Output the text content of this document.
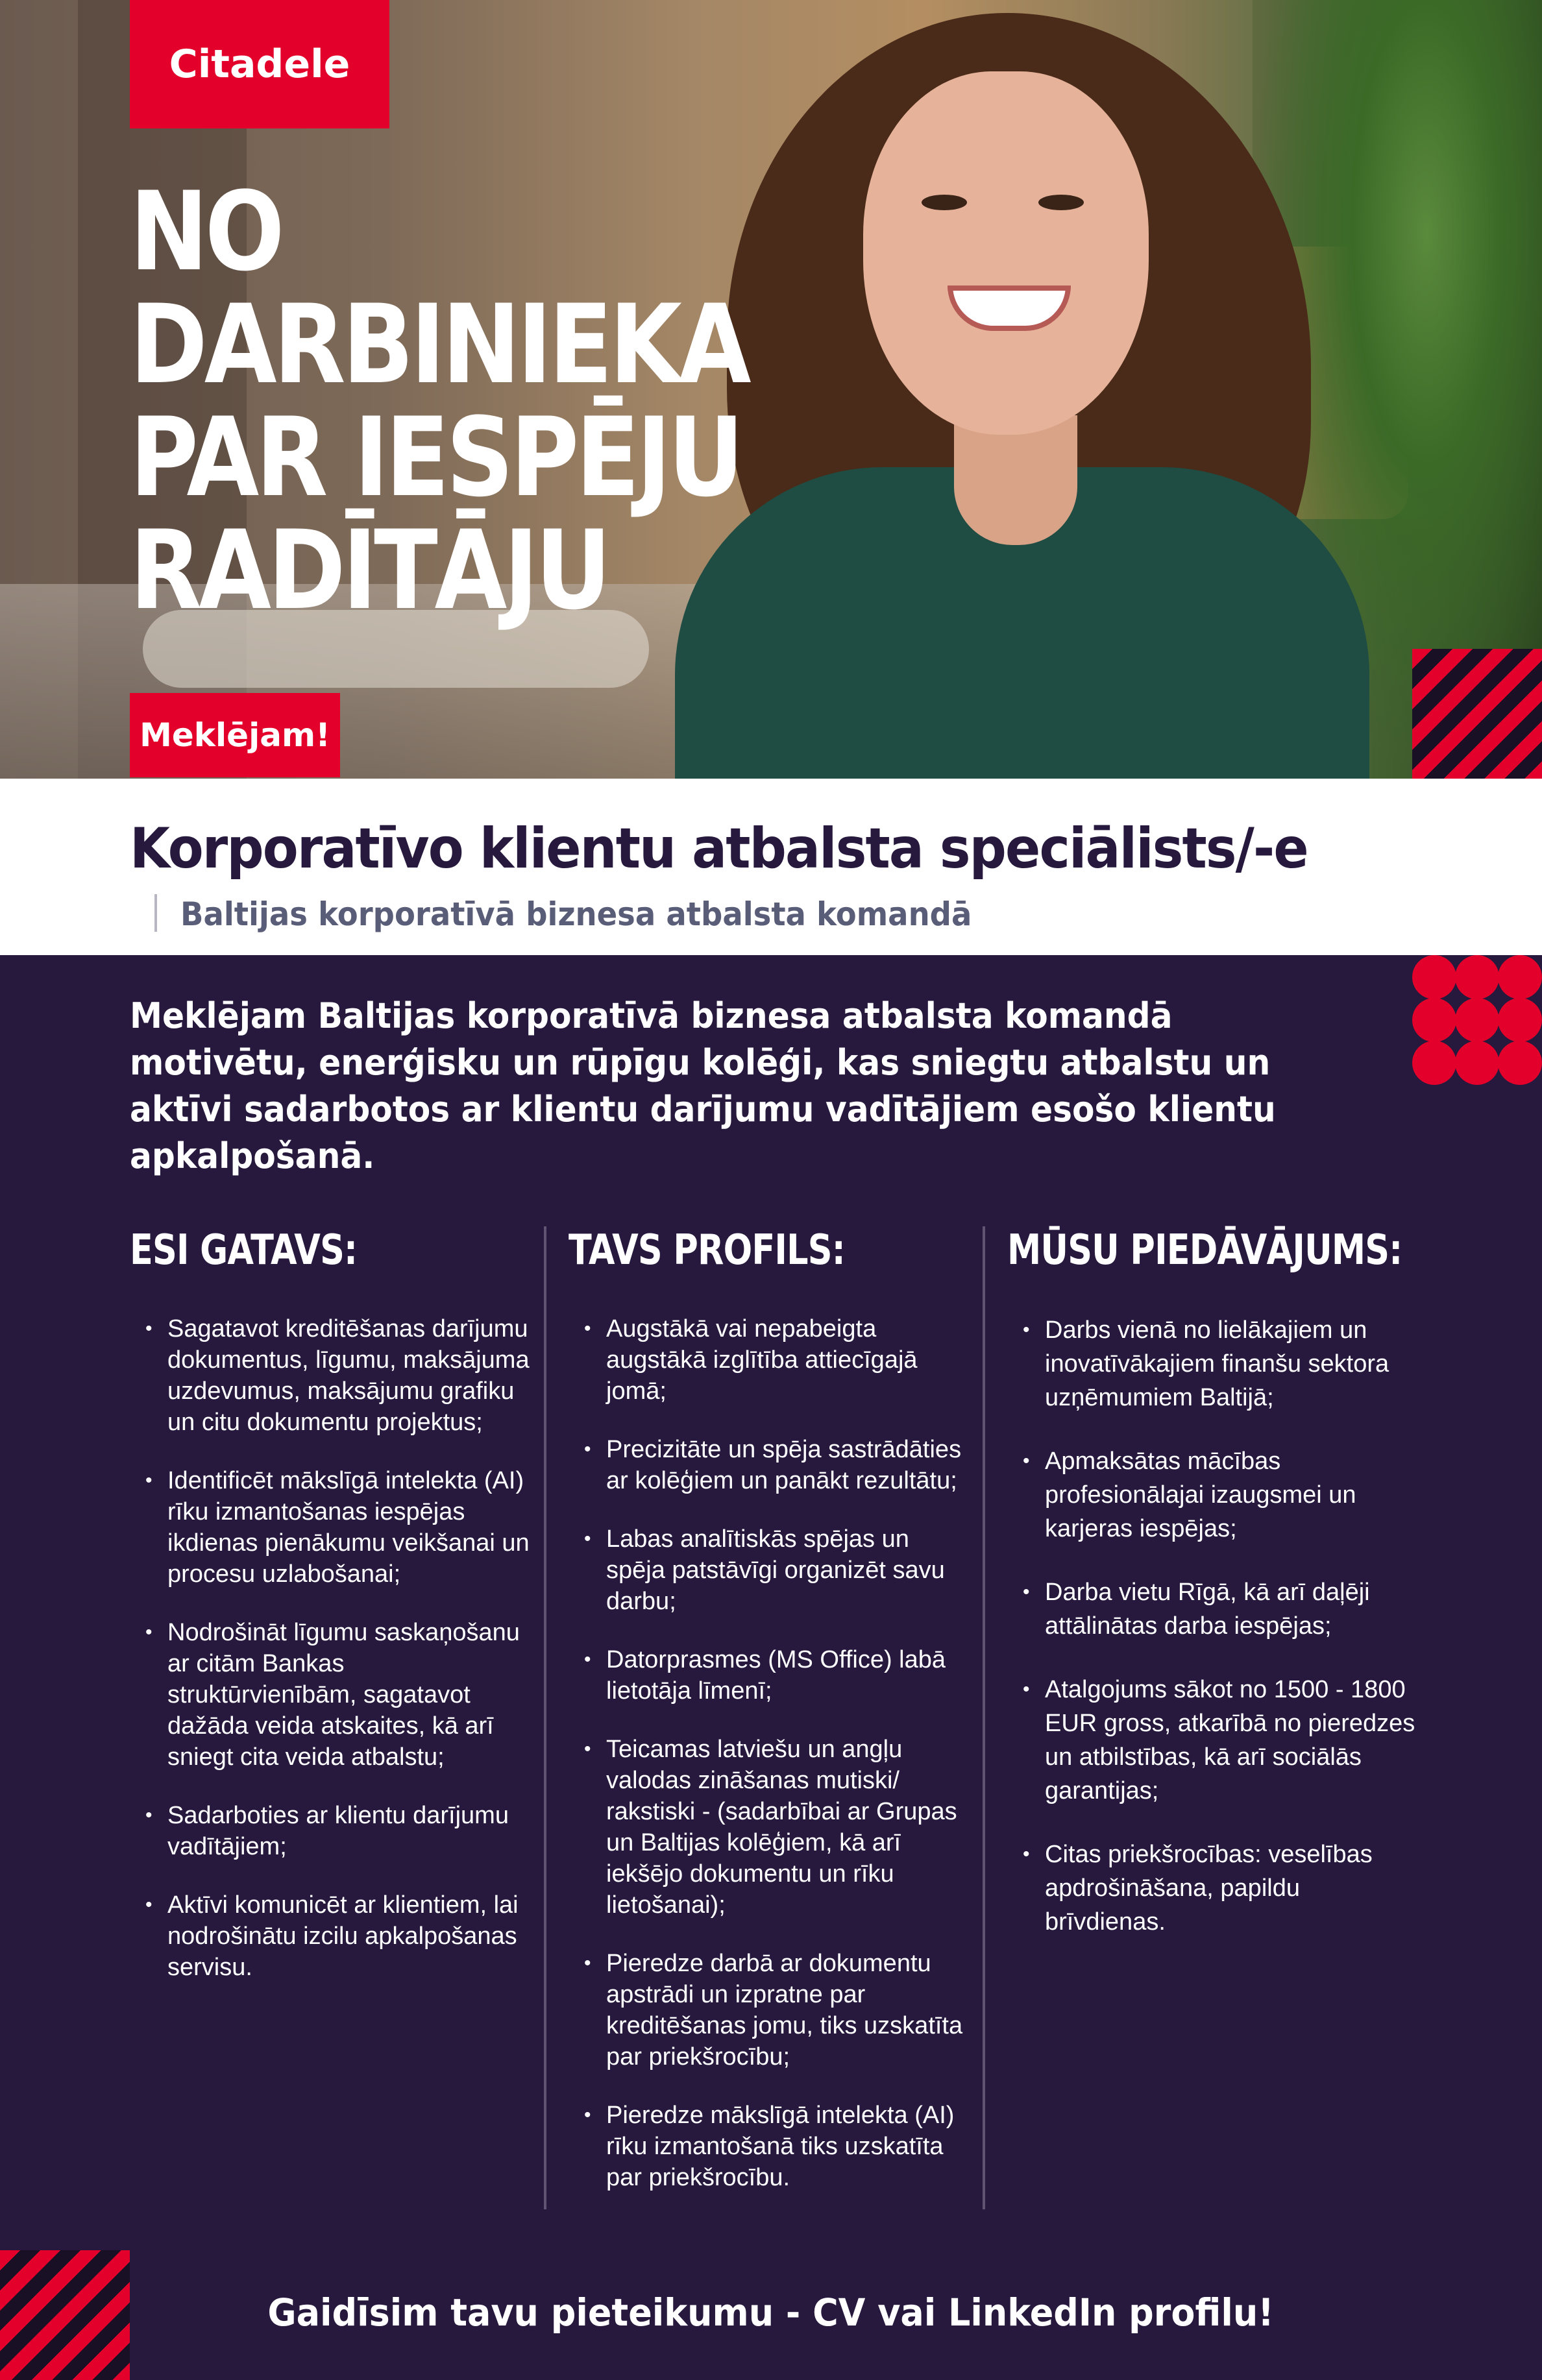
Citadele
NO
DARBINIEKA
PAR IESPĒJU
RADĪTĀJU
Meklējam!
Korporatīvo klientu atbalsta speciālists/-e
Baltijas korporatīvā biznesa atbalsta komandā
Meklējam Baltijas korporatīvā biznesa atbalsta komandā motivētu, enerģisku un rūpīgu kolēģi, kas sniegtu atbalstu un aktīvi sadarbotos ar klientu darījumu vadītājiem esošo klientu apkalpošanā.
ESI GATAVS:
• Sagatavot kreditēšanas darījumu dokumentus, līgumu, maksājuma uzdevumus, maksājumu grafiku un citu dokumentu projektus;
• Identificēt mākslīgā intelekta (AI) rīku izmantošanas iespējas ikdienas pienākumu veikšanai un procesu uzlabošanai;
• Nodrošināt līgumu saskaņošanu ar citām Bankas struktūrvienībām, sagatavot dažāda veida atskaites, kā arī sniegt cita veida atbalstu;
• Sadarboties ar klientu darījumu vadītājiem;
• Aktīvi komunicēt ar klientiem, lai nodrošinātu izcilu apkalpošanas servisu.
TAVS PROFILS:
• Augstākā vai nepabeigta augstākā izglītība attiecīgajā jomā;
• Precizitāte un spēja sastrādāties ar kolēģiem un panākt rezultātu;
• Labas analītiskās spējas un spēja patstāvīgi organizēt savu darbu;
• Datorprasmes (MS Office) labā lietotāja līmenī;
• Teicamas latviešu un angļu valodas zināšanas mutiski/ rakstiski - (sadarbībai ar Grupas un Baltijas kolēģiem, kā arī iekšējo dokumentu un rīku lietošanai);
• Pieredze darbā ar dokumentu apstrādi un izpratne par kreditēšanas jomu, tiks uzskatīta par priekšrocību;
• Pieredze mākslīgā intelekta (AI) rīku izmantošanā tiks uzskatīta par priekšrocību.
MŪSU PIEDĀVĀJUMS:
• Darbs vienā no lielākajiem un inovatīvākajiem finanšu sektora uzņēmumiem Baltijā;
• Apmaksātas mācības profesionālajai izaugsmei un karjeras iespējas;
• Darba vietu Rīgā, kā arī daļēji attālinātas darba iespējas;
• Atalgojums sākot no 1500 - 1800 EUR gross, atkarībā no pieredzes un atbilstības, kā arī sociālās garantijas;
• Citas priekšrocības: veselības apdrošināšana, papildu brīvdienas.
Gaidīsim tavu pieteikumu - CV vai LinkedIn profilu!
